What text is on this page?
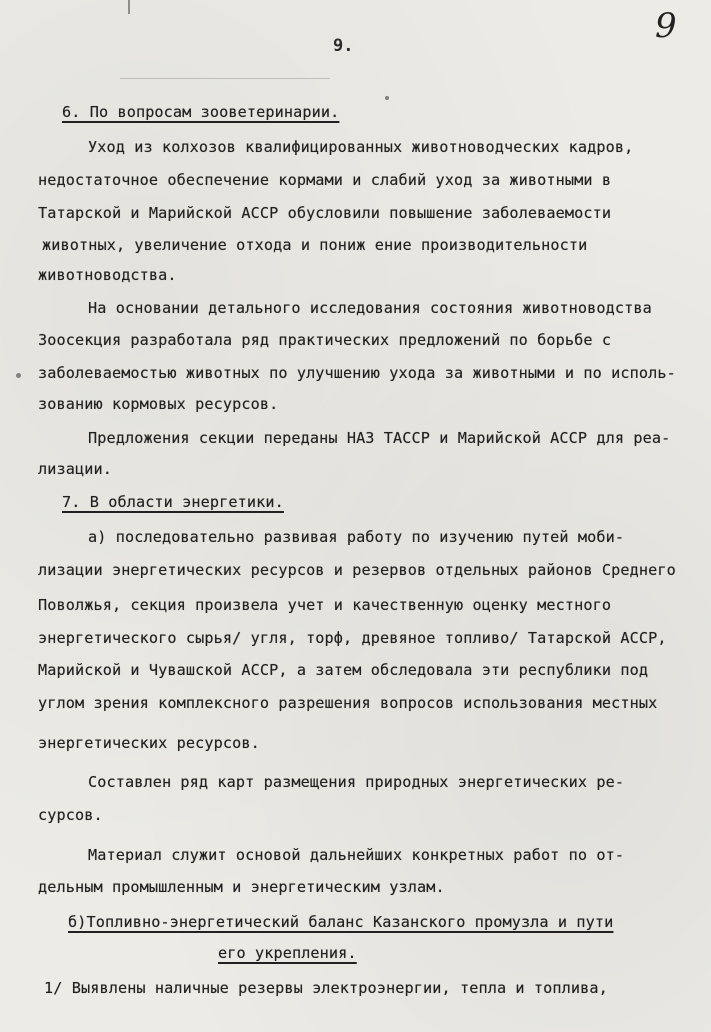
9
9.
6. По вопросам зооветеринарии.
Уход из колхозов квалифицированных животноводческих кадров,
недостаточное обеспечение кормами и слабий уход за животными в
Татарской и Марийской АССР обусловили повышение заболеваемости
животных, увеличение отхода и пониж ение производительности
животноводства.
На основании детального исследования состояния животноводства
Зоосекция разработала ряд практических предложений по борьбе с
заболеваемостью животных по улучшению ухода за животными и по исполь-
зованию кормовых ресурсов.
Предложения секции переданы НАЗ ТАССР и Марийской АССР для реа-
лизации.
7. В области энергетики.
а) последовательно развивая работу по изучению путей моби-
лизации энергетических ресурсов и резервов отдельных районов Среднего
Поволжья, секция произвела учет и качественную оценку местного
энергетического сырья/ угля, торф, древяное топливо/ Татарской АССР,
Марийской и Чувашской АССР, а затем обследовала эти республики под
углом зрения комплексного разрешения вопросов использования местных
энергетических ресурсов.
Составлен ряд карт размещения природных энергетических ре-
сурсов.
Материал служит основой дальнейших конкретных работ по от-
дельным промышленным и энергетическим узлам.
б)Топливно-энергетический баланс Казанского промузла и пути
его укрепления.
1/ Выявлены наличные резервы электроэнергии, тепла и топлива,
